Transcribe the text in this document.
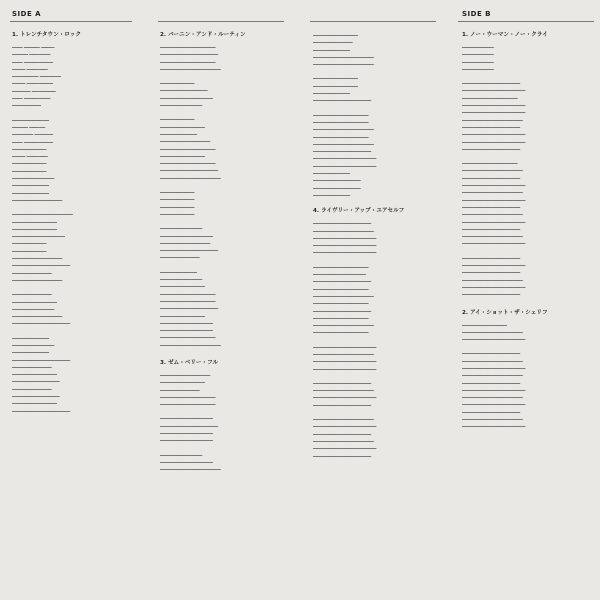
SIDE A	SIDE B
1. トレンチタウン・ロック
━━━━ ━━━━━━ ━━━━━
━━━━━━ ━━━━━━━━
━━━━ ━━━━━━━━━━━
━━━━━ ━━━━━━━━
━━━━━━━━━━ ━━━━━━━━
━━━━━ ━━━━━━━━━━
━━━━━━━ ━━━━━━━━━
━━━━ ━━━━━━━━━━
━━━━━━━━━━━
━━━━━━━━━━━━━━
━━━━━━ ━━━━━━
━━━━━━━━ ━━━━━━━
━━━━ ━━━━━━━━━━━
━━━━━━━━━━━━━
━━━━━ ━━━━━━━━
━━━━━━━━━━━━━
━━━━━━━━━━━━━
━━━━━━━━━━━━━━━━
━━━━━━━━━━━━━━
━━━━━━━━━━━━━━
━━━━━━━━━━━━━━━━━━━
━━━━━━━━━━━━━━━━━━━━━━━
━━━━━━━━━━━━━━━━━
━━━━━━━━━━━━━━━━━
━━━━━━━━━━━━━━━━━━━━
━━━━━━━━━━━━━
━━━━━━━━━━━━━
━━━━━━━━━━━━━━━━━━━
━━━━━━━━━━━━━━━━━━━━━━
━━━━━━━━━━━━━━━
━━━━━━━━━━━━━━━━━━━
━━━━━━━━━━━━━━━
━━━━━━━━━━━━━━━━━
━━━━━━━━━━━━━━━━
━━━━━━━━━━━━━━━━━━━
━━━━━━━━━━━━━━━━━━━━━━
━━━━━━━━━━━━━━
━━━━━━━━━━━━━━━━
━━━━━━━━━━━━━━
━━━━━━━━━━━━━━━━━━━━━━
━━━━━━━━━━━━━━━
━━━━━━━━━━━━━━━━━
━━━━━━━━━━━━━━━━━━
━━━━━━━━━━━━━━━
━━━━━━━━━━━━━━━━━━
━━━━━━━━━━━━━━━━━
━━━━━━━━━━━━━━━━━━━━━━
2. バーニン・アンド・ルーティン
━━━━━━━━━━━━━━━━━━━━━
━━━━━━━━━━━━━━━━━━━━━━
━━━━━━━━━━━━━━━━━━━━━
━━━━━━━━━━━━━━━━━━━━━━━
━━━━━━━━━━━━━
━━━━━━━━━━━━━━━━━━
━━━━━━━━━━━━━━━━━━━━
━━━━━━━━━━━━━━━━
━━━━━━━━━━━━━
━━━━━━━━━━━━━━━━━
━━━━━━━━━━━━━━
━━━━━━━━━━━━━━━━━━━
━━━━━━━━━━━━━━━━━━━━━
━━━━━━━━━━━━━━━━━
━━━━━━━━━━━━━━━━━━━━━
━━━━━━━━━━━━━━━━━━━━━━
━━━━━━━━━━━━━━━━━━━━━━━
━━━━━━━━━━━━━
━━━━━━━━━━━━━
━━━━━━━━━━━━━
━━━━━━━━━━━━━
━━━━━━━━━━━━━━━━
━━━━━━━━━━━━━━━━━━━━
━━━━━━━━━━━━━━━━━━━
━━━━━━━━━━━━━━━━━━━━━━
━━━━━━━━━━━━━━━
━━━━━━━━━━━━━━
━━━━━━━━━━━━━━━━
━━━━━━━━━━━━━━━━━
━━━━━━━━━━━━━━━━━━━━━
━━━━━━━━━━━━━━━━━━━━━
━━━━━━━━━━━━━━━━━━━━━━
━━━━━━━━━━━━━━━━━
━━━━━━━━━━━━━━━━━━━━
━━━━━━━━━━━━━━━━━━━━
━━━━━━━━━━━━━━━━━━━━━
━━━━━━━━━━━━━━━━━━━━━━━
3. ゼム・ベリー・フル
━━━━━━━━━━━━━━━━━━━
━━━━━━━━━━━━━━━━━
━━━━━━━━━━━━━━━
━━━━━━━━━━━━━━━━━━━━━
━━━━━━━━━━━━━━━━━━━━━
━━━━━━━━━━━━━━━━━━━━
━━━━━━━━━━━━━━━━━━━━━━
━━━━━━━━━━━━━━━━━━━━
━━━━━━━━━━━━━━━━━━━━
━━━━━━━━━━━━━━━━
━━━━━━━━━━━━━━━━━━━━
━━━━━━━━━━━━━━━━━━━━━━━
━━━━━━━━━━━━━━━━━
━━━━━━━━━━━━━━━
━━━━━━━━━━━━━━
━━━━━━━━━━━━━━━━━━━━━━━
━━━━━━━━━━━━━━━━━━━━━━━
━━━━━━━━━━━━━━━━━
━━━━━━━━━━━━━━━━━
━━━━━━━━━━━━━━
━━━━━━━━━━━━━━━━━━━━━━
━━━━━━━━━━━━━━━━━━━━━
━━━━━━━━━━━━━━━━━━━━━
━━━━━━━━━━━━━━━━━━━━━━━
━━━━━━━━━━━━━━━━━━━━━
━━━━━━━━━━━━━━━━━━━━━━━
━━━━━━━━━━━━━━━━━━━━━━
━━━━━━━━━━━━━━━━━━━━━━━━
━━━━━━━━━━━━━━━━━━━━━━━━
━━━━━━━━━━━━━━
━━━━━━━━━━━━━━━━━━
━━━━━━━━━━━━━━━━━━
━━━━━━━━━━━━━━
4. ライヴリー・アップ・ユアセルフ
━━━━━━━━━━━━━━━━━━━━━━
━━━━━━━━━━━━━━━━━━━━━━━
━━━━━━━━━━━━━━━━━━━━━━━━
━━━━━━━━━━━━━━━━━━━━━━━━
━━━━━━━━━━━━━━━━━━━━━━━━
━━━━━━━━━━━━━━━━━━━━━
━━━━━━━━━━━━━━━━━━━━
━━━━━━━━━━━━━━━━━━━━━━
━━━━━━━━━━━━━━━━━━━━━
━━━━━━━━━━━━━━━━━━━━━━━
━━━━━━━━━━━━━━━━━━━━━
━━━━━━━━━━━━━━━━━━━━━━
━━━━━━━━━━━━━━━━━━━━━
━━━━━━━━━━━━━━━━━━━━━━━
━━━━━━━━━━━━━━━━━━━━━
━━━━━━━━━━━━━━━━━━━━━━━━
━━━━━━━━━━━━━━━━━━━━━━━
━━━━━━━━━━━━━━━━━━━━━━━━
━━━━━━━━━━━━━━━━━━━━━━━━
━━━━━━━━━━━━━━━━━━━━━━
━━━━━━━━━━━━━━━━━━━━━━━
━━━━━━━━━━━━━━━━━━━━━━━━
━━━━━━━━━━━━━━━━━━━━━━
━━━━━━━━━━━━━━━━━━━━━━━
━━━━━━━━━━━━━━━━━━━━━━━━
━━━━━━━━━━━━━━━━━━━━━━
━━━━━━━━━━━━━━━━━━━━━━━
━━━━━━━━━━━━━━━━━━━━━━━━
━━━━━━━━━━━━━━━━━━━━━━
1. ノー・ウーマン・ノー・クライ
━━━━━━━━━━━━
━━━━━━━━━━━━
━━━━━━━━━━━━
━━━━━━━━━━━━
━━━━━━━━━━━━━━━━━━━━━━
━━━━━━━━━━━━━━━━━━━━━━━━
━━━━━━━━━━━━━━━━━━━━━
━━━━━━━━━━━━━━━━━━━━━━━━
━━━━━━━━━━━━━━━━━━━━━━━━
━━━━━━━━━━━━━━━━━━━━━━━
━━━━━━━━━━━━━━━━━━━━━━
━━━━━━━━━━━━━━━━━━━━━━━━
━━━━━━━━━━━━━━━━━━━━━━━━
━━━━━━━━━━━━━━━━━━━━━━
━━━━━━━━━━━━━━━━━━━━━
━━━━━━━━━━━━━━━━━━━━━━━
━━━━━━━━━━━━━━━━━━━━━━
━━━━━━━━━━━━━━━━━━━━━━━━
━━━━━━━━━━━━━━━━━━━━━━━
━━━━━━━━━━━━━━━━━━━━━━━━
━━━━━━━━━━━━━━━━━━━━━━
━━━━━━━━━━━━━━━━━━━━━━━
━━━━━━━━━━━━━━━━━━━━━━━━
━━━━━━━━━━━━━━━━━━━━━━
━━━━━━━━━━━━━━━━━━━━━━━
━━━━━━━━━━━━━━━━━━━━━━━━
━━━━━━━━━━━━━━━━━━━━━━
━━━━━━━━━━━━━━━━━━━━━━━━
━━━━━━━━━━━━━━━━━━━━━━
━━━━━━━━━━━━━━━━━━━━━━━
━━━━━━━━━━━━━━━━━━━━━━━━
━━━━━━━━━━━━━━━━━━━━━━
2. アイ・ショット・ザ・シェリフ
━━━━━━━━━━━━━━━━━
━━━━━━━━━━━━━━━━━━━━━━━
━━━━━━━━━━━━━━━━━━━━━━━━
━━━━━━━━━━━━━━━━━━━━━━
━━━━━━━━━━━━━━━━━━━━━━━
━━━━━━━━━━━━━━━━━━━━━━━━
━━━━━━━━━━━━━━━━━━━━━━━
━━━━━━━━━━━━━━━━━━━━━━
━━━━━━━━━━━━━━━━━━━━━━━━
━━━━━━━━━━━━━━━━━━━━━━━
━━━━━━━━━━━━━━━━━━━━━━━━
━━━━━━━━━━━━━━━━━━━━━━
━━━━━━━━━━━━━━━━━━━━━━━
━━━━━━━━━━━━━━━━━━━━━━━━
